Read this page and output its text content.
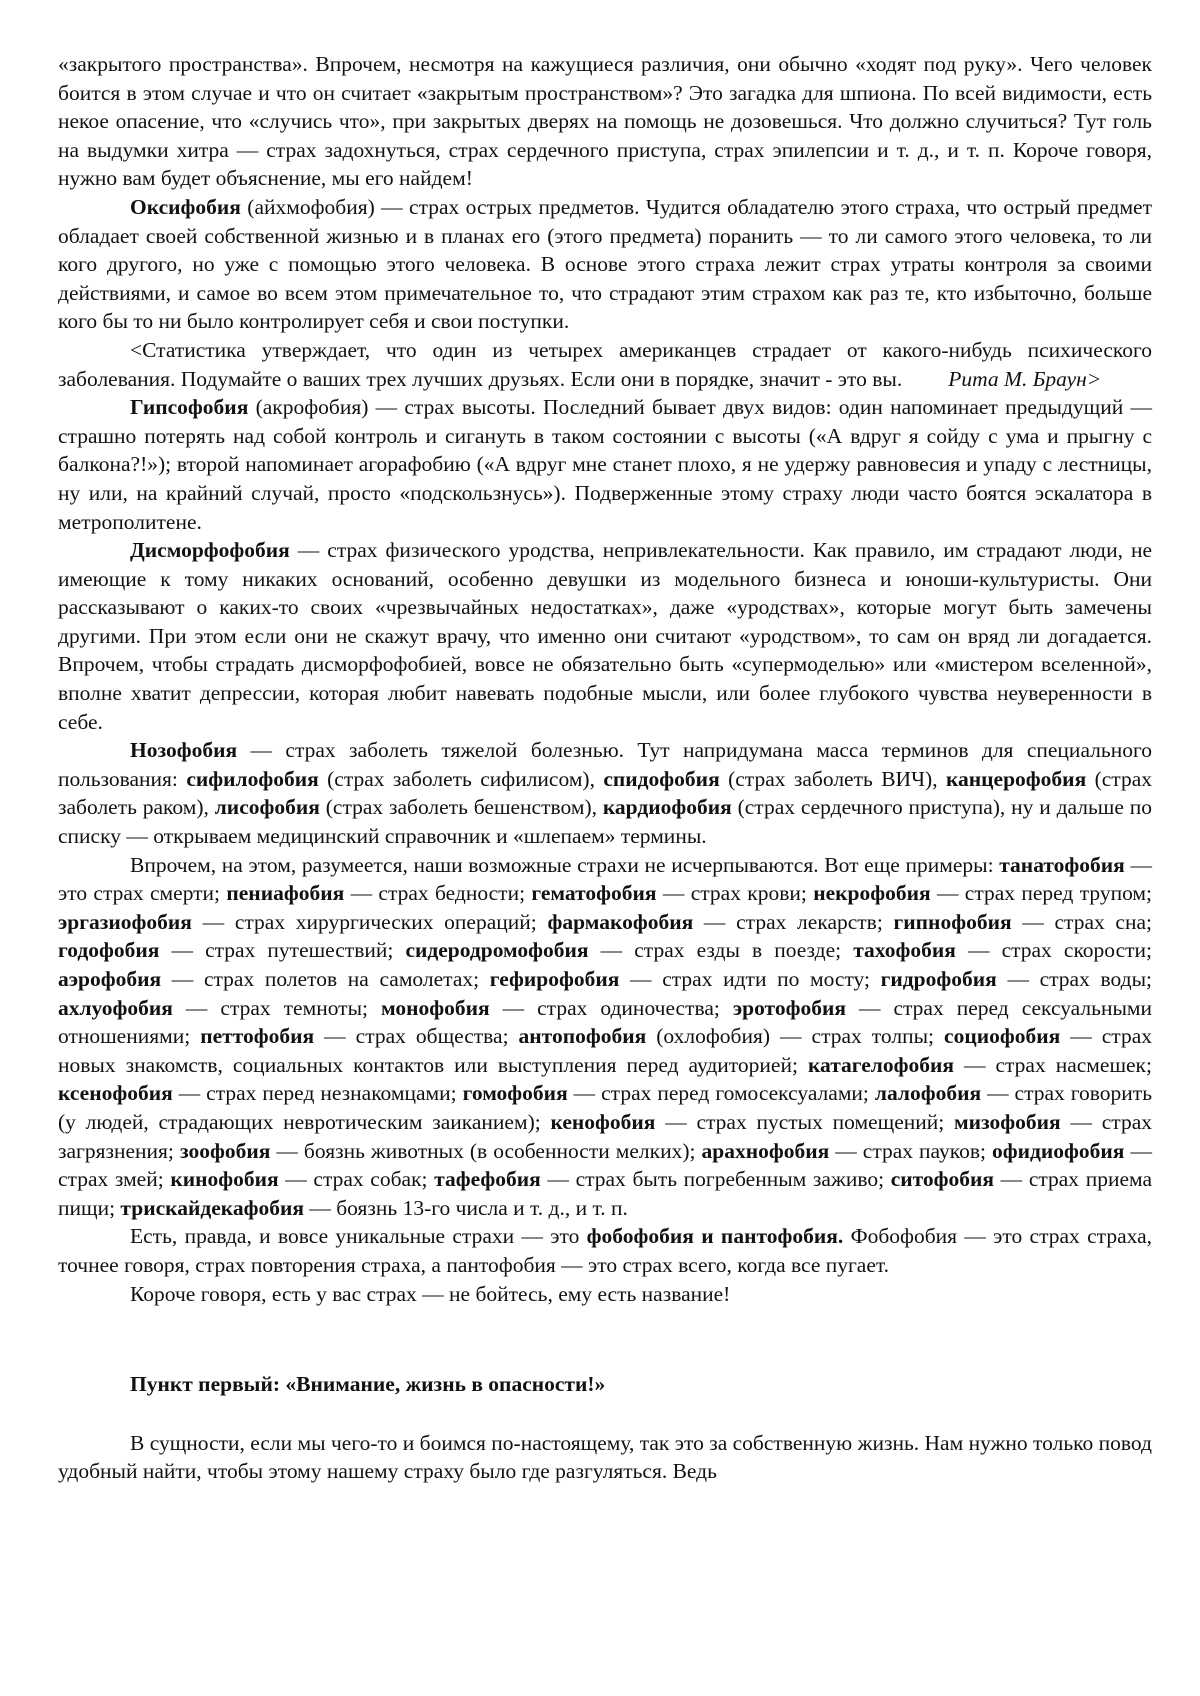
«закрытого пространства». Впрочем, несмотря на кажущиеся различия, они обычно «ходят под руку». Чего человек боится в этом случае и что он считает «закрытым пространством»? Это загадка для шпиона. По всей видимости, есть некое опасение, что «случись что», при закрытых дверях на помощь не дозовешься. Что должно случиться? Тут голь на выдумки хитра — страх задохнуться, страх сердечного приступа, страх эпилепсии и т. д., и т. п. Короче говоря, нужно вам будет объяснение, мы его найдем!

Оксифобия (айхмофобия) — страх острых предметов. Чудится обладателю этого страха, что острый предмет обладает своей собственной жизнью и в планах его (этого предмета) поранить — то ли самого этого человека, то ли кого другого, но уже с помощью этого человека. В основе этого страха лежит страх утраты контроля за своими действиями, и самое во всем этом примечательное то, что страдают этим страхом как раз те, кто избыточно, больше кого бы то ни было контролирует себя и свои поступки.

<Статистика утверждает, что один из четырех американцев страдает от какого-нибудь психического заболевания. Подумайте о ваших трех лучших друзьях. Если они в порядке, значит - это вы. Рита М. Браун>

Гипсофобия (акрофобия) — страх высоты. Последний бывает двух видов: один напоминает предыдущий — страшно потерять над собой контроль и сигануть в таком состоянии с высоты («А вдруг я сойду с ума и прыгну с балкона?!»); второй напоминает агорафобию («А вдруг мне станет плохо, я не удержу равновесия и упаду с лестницы, ну или, на крайний случай, просто «подскользнусь»). Подверженные этому страху люди часто боятся эскалатора в метрополитене.

Дисморфофобия — страх физического уродства, непривлекательности. Как правило, им страдают люди, не имеющие к тому никаких оснований, особенно девушки из модельного бизнеса и юноши-культуристы. Они рассказывают о каких-то своих «чрезвычайных недостатках», даже «уродствах», которые могут быть замечены другими. При этом если они не скажут врачу, что именно они считают «уродством», то сам он вряд ли догадается. Впрочем, чтобы страдать дисморфофобией, вовсе не обязательно быть «супермоделью» или «мистером вселенной», вполне хватит депрессии, которая любит навевать подобные мысли, или более глубокого чувства неуверенности в себе.

Нозофобия — страх заболеть тяжелой болезнью. Тут напридумана масса терминов для специального пользования: сифилофобия (страх заболеть сифилисом), спидофобия (страх заболеть ВИЧ), канцерофобия (страх заболеть раком), лисофобия (страх заболеть бешенством), кардиофобия (страх сердечного приступа), ну и дальше по списку — открываем медицинский справочник и «шлепаем» термины.

Впрочем, на этом, разумеется, наши возможные страхи не исчерпываются. Вот еще примеры: танатофобия — это страх смерти; пениафобия — страх бедности; гематофобия — страх крови; некрофобия — страх перед трупом; эргазиофобия — страх хирургических операций; фармакофобия — страх лекарств; гипнофобия — страх сна; годофобия — страх путешествий; сидеродромофобия — страх езды в поезде; тахофобия — страх скорости; аэрофобия — страх полетов на самолетах; гефирофобия — страх идти по мосту; гидрофобия — страх воды; ахлуофобия — страх темноты; монофобия — страх одиночества; эротофобия — страх перед сексуальными отношениями; петтофобия — страх общества; антопофобия (охлофобия) — страх толпы; социофобия — страх новых знакомств, социальных контактов или выступления перед аудиторией; катагелофобия — страх насмешек; ксенофобия — страх перед незнакомцами; гомофобия — страх перед гомосексуалами; лалофобия — страх говорить (у людей, страдающих невротическим заиканием); кенофобия — страх пустых помещений; мизофобия — страх загрязнения; зоофобия — боязнь животных (в особенности мелких); арахнофобия — страх пауков; офидиофобия — страх змей; кинофобия — страх собак; тафефобия — страх быть погребенным заживо; ситофобия — страх приема пищи; трискайдекафобия — боязнь 13-го числа и т. д., и т. п.

Есть, правда, и вовсе уникальные страхи — это фобофобия и пантофобия. Фобофобия — это страх страха, точнее говоря, страх повторения страха, а пантофобия — это страх всего, когда все пугает.

Короче говоря, есть у вас страх — не бойтесь, ему есть название!

Пункт первый: «Внимание, жизнь в опасности!»

В сущности, если мы чего-то и боимся по-настоящему, так это за собственную жизнь. Нам нужно только повод удобный найти, чтобы этому нашему страху было где разгуляться. Ведь
